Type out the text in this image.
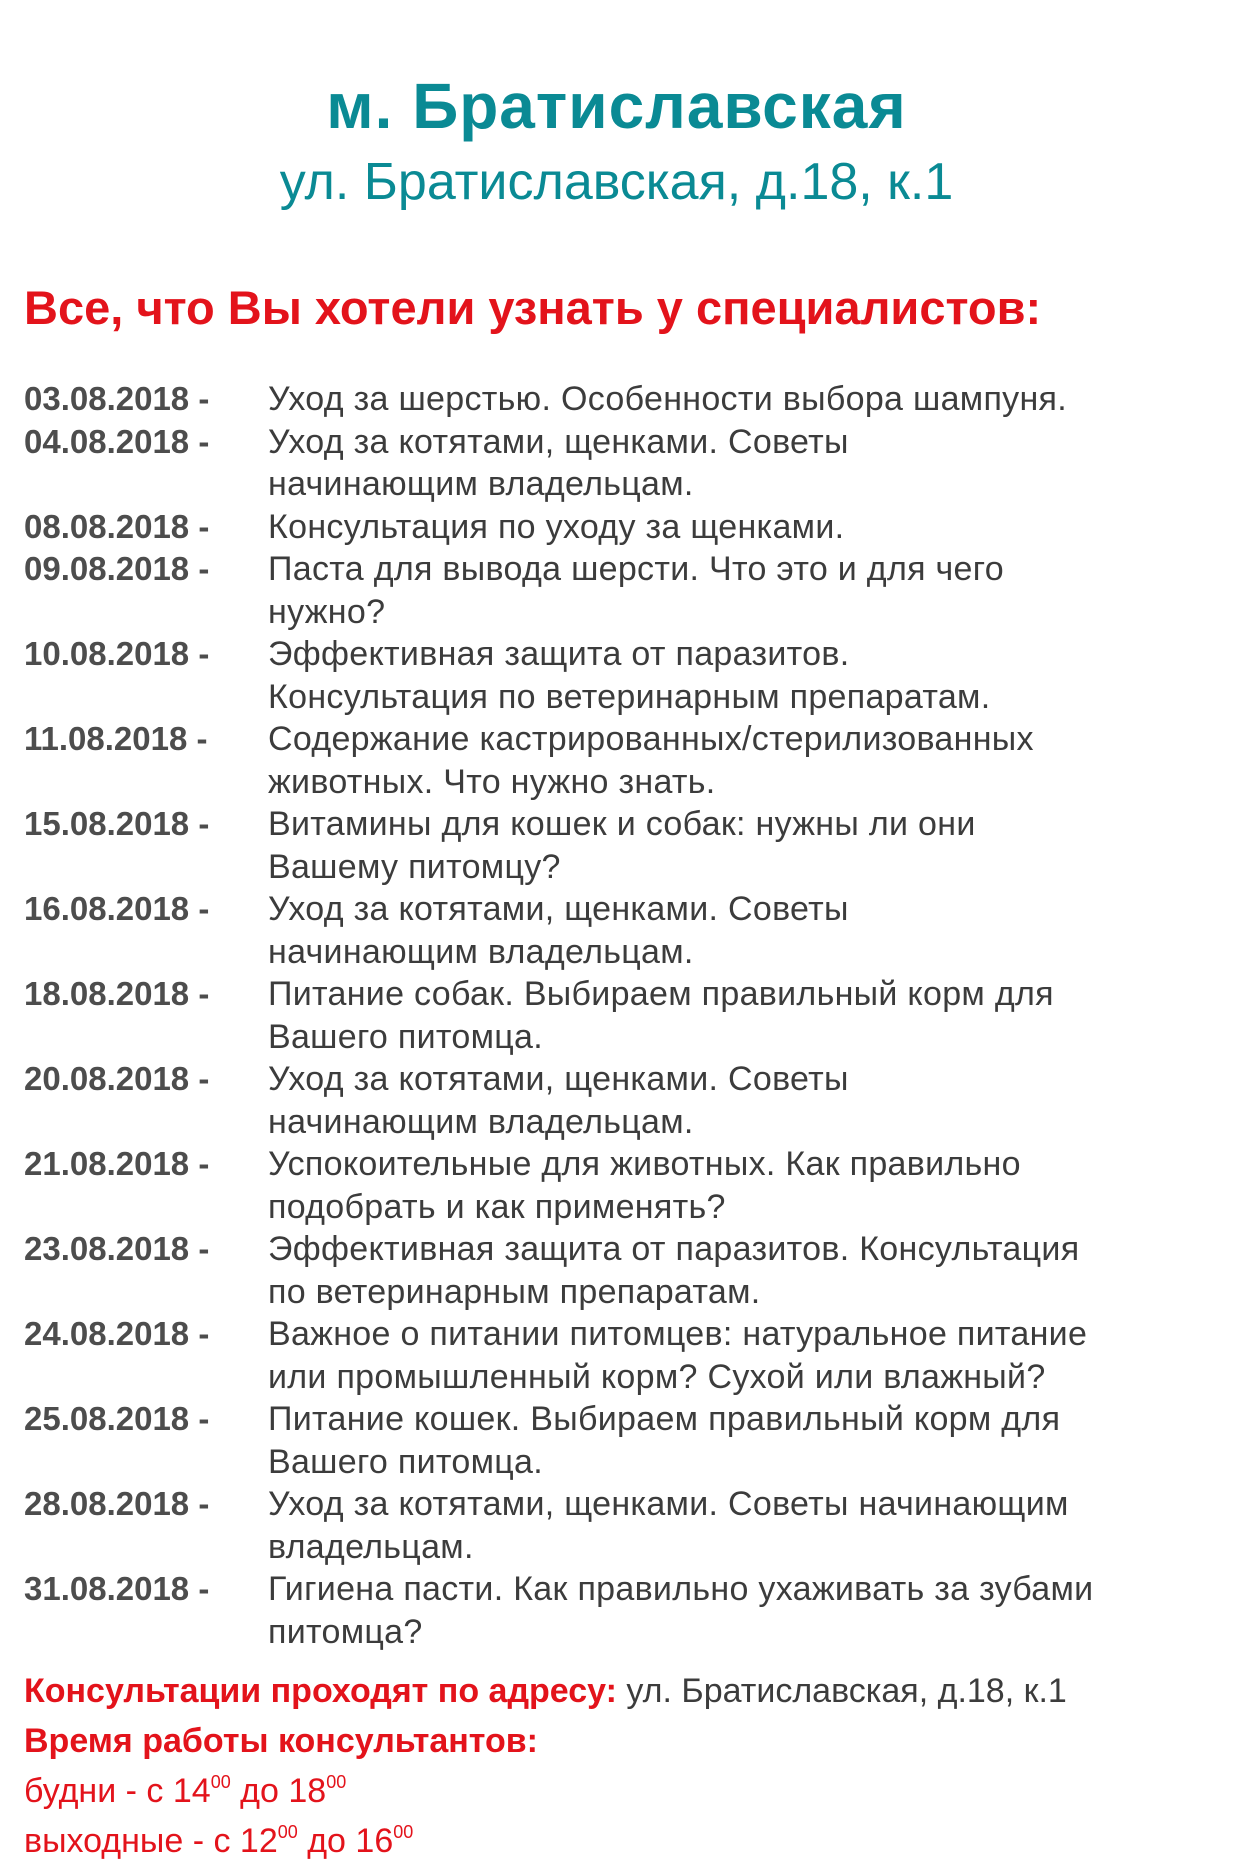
м. Братиславская
ул. Братиславская, д.18, к.1
Все, что Вы хотели узнать у специалистов:
03.08.2018 -	Уход за шерстью. Особенности выбора шампуня.
04.08.2018 -	Уход за котятами, щенками. Советы
начинающим владельцам.
08.08.2018 -	Консультация по уходу за щенками.
09.08.2018 -	Паста для вывода шерсти. Что это и для чего
нужно?
10.08.2018 -	Эффективная защита от паразитов.
Консультация по ветеринарным препаратам.
11.08.2018 -	Содержание кастрированных/стерилизованных
животных. Что нужно знать.
15.08.2018 -	Витамины для кошек и собак: нужны ли они
Вашему питомцу?
16.08.2018 -	Уход за котятами, щенками. Советы
начинающим владельцам.
18.08.2018 -	Питание собак. Выбираем правильный корм для
Вашего питомца.
20.08.2018 -	Уход за котятами, щенками. Советы
начинающим владельцам.
21.08.2018 -	Успокоительные для животных. Как правильно
подобрать и как применять?
23.08.2018 -	Эффективная защита от паразитов. Консультация
по ветеринарным препаратам.
24.08.2018 -	Важное о питании питомцев: натуральное питание
или промышленный корм? Сухой или влажный?
25.08.2018 -	Питание кошек. Выбираем правильный корм для
Вашего питомца.
28.08.2018 -	Уход за котятами, щенками. Советы начинающим
владельцам.
31.08.2018 -	Гигиена пасти. Как правильно ухаживать за зубами
питомца?
Консультации проходят по адресу: ул. Братиславская, д.18, к.1
Время работы консультантов:
будни - с $14^{00}$ до $18^{00}$
выходные - с $12^{00}$ до $16^{00}$
